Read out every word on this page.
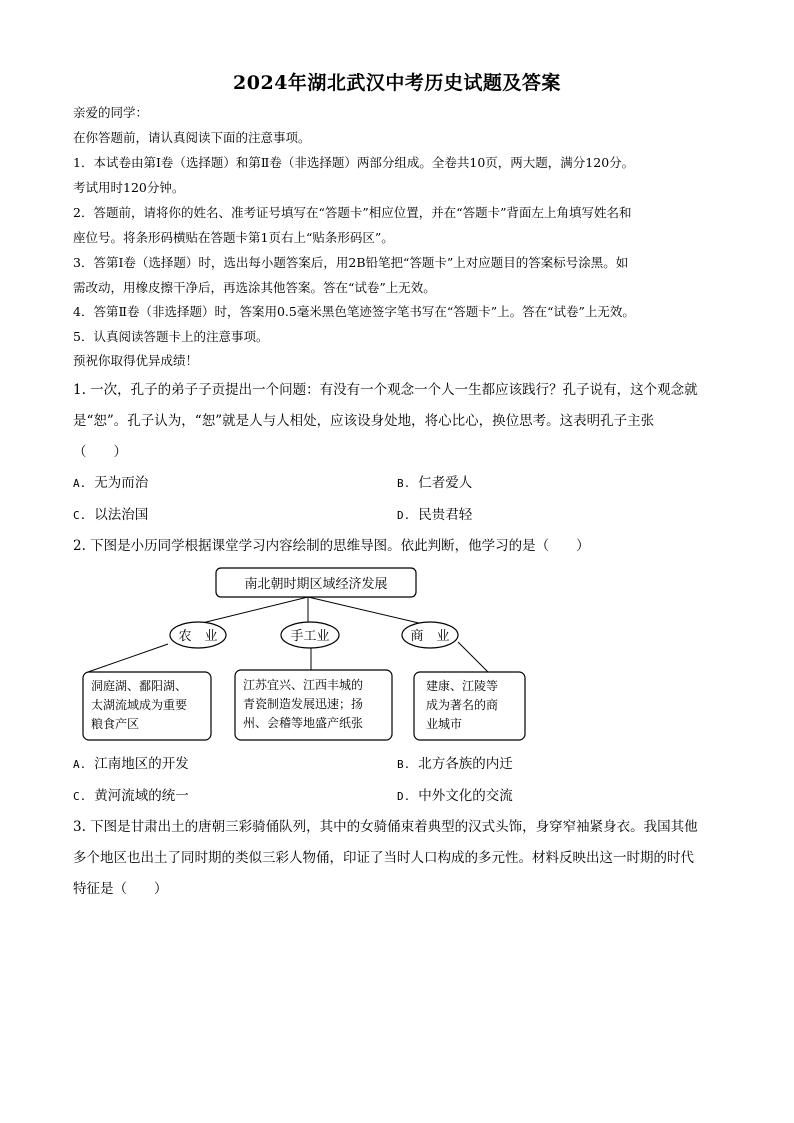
2024年湖北武汉中考历史试题及答案
亲爱的同学：
在你答题前，请认真阅读下面的注意事项。
1．本试卷由第Ⅰ卷（选择题）和第Ⅱ卷（非选择题）两部分组成。全卷共10页，两大题，满分120分。
考试用时120分钟。
2．答题前，请将你的姓名、准考证号填写在“答题卡”相应位置，并在“答题卡”背面左上角填写姓名和
座位号。将条形码横贴在答题卡第1页右上“贴条形码区”。
3．答第Ⅰ卷（选择题）时，选出每小题答案后，用2B铅笔把“答题卡”上对应题目的答案标号涂黑。如
需改动，用橡皮擦干净后，再选涂其他答案。答在“试卷”上无效。
4．答第Ⅱ卷（非选择题）时，答案用0.5毫米黑色笔迹签字笔书写在“答题卡”上。答在“试卷”上无效。
5．认真阅读答题卡上的注意事项。
预祝你取得优异成绩！
1. 一次，孔子的弟子子贡提出一个问题：有没有一个观念一个人一生都应该践行？孔子说有，这个观念就
是“恕”。孔子认为，“恕”就是人与人相处，应该设身处地，将心比心，换位思考。这表明孔子主张
（　　）
A. 无为而治	B. 仁者爱人
C. 以法治国	D. 民贵君轻
2. 下图是小历同学根据课堂学习内容绘制的思维导图。依此判断，他学习的是（　　）
南北朝时期区域经济发展
农　业	手工业	商　业
洞庭湖、鄱阳湖、
太湖流域成为重要
粮食产区
江苏宜兴、江西丰城的
青瓷制造发展迅速；扬
州、会稽等地盛产纸张
建康、江陵等
成为著名的商
业城市
A. 江南地区的开发	B. 北方各族的内迁
C. 黄河流域的统一	D. 中外文化的交流
3. 下图是甘肃出土的唐朝三彩骑俑队列，其中的女骑俑束着典型的汉式头饰，身穿窄袖紧身衣。我国其他
多个地区也出土了同时期的类似三彩人物俑，印证了当时人口构成的多元性。材料反映出这一时期的时代
特征是（　　）
